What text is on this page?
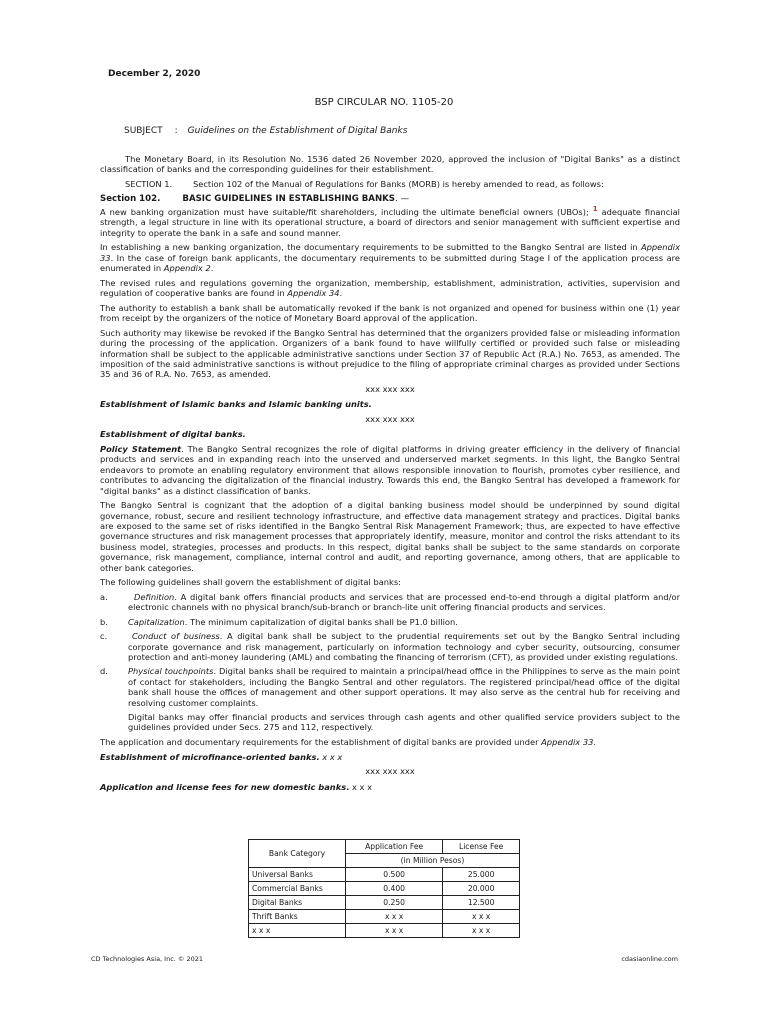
December 2, 2020
BSP CIRCULAR NO. 1105-20
SUBJECT : Guidelines on the Establishment of Digital Banks

The Monetary Board, in its Resolution No. 1536 dated 26 November 2020, approved the inclusion of "Digital Banks" as a distinct classification of banks and the corresponding guidelines for their establishment.

SECTION 1.	Section 102 of the Manual of Regulations for Banks (MORB) is hereby amended to read, as follows:

Section 102.	BASIC GUIDELINES IN ESTABLISHING BANKS. —

A new banking organization must have suitable/fit shareholders, including the ultimate beneficial owners (UBOs); $^1$ adequate financial strength, a legal structure in line with its operational structure, a board of directors and senior management with sufficient expertise and integrity to operate the bank in a safe and sound manner.

In establishing a new banking organization, the documentary requirements to be submitted to the Bangko Sentral are listed in Appendix 33. In the case of foreign bank applicants, the documentary requirements to be submitted during Stage I of the application process are enumerated in Appendix 2.

The revised rules and regulations governing the organization, membership, establishment, administration, activities, supervision and regulation of cooperative banks are found in Appendix 34.

The authority to establish a bank shall be automatically revoked if the bank is not organized and opened for business within one (1) year from receipt by the organizers of the notice of Monetary Board approval of the application.

Such authority may likewise be revoked if the Bangko Sentral has determined that the organizers provided false or misleading information during the processing of the application. Organizers of a bank found to have willfully certified or provided such false or misleading information shall be subject to the applicable administrative sanctions under Section 37 of Republic Act (R.A.) No. 7653, as amended. The imposition of the said administrative sanctions is without prejudice to the filing of appropriate criminal charges as provided under Sections 35 and 36 of R.A. No. 7653, as amended.

xxx xxx xxx

Establishment of Islamic banks and Islamic banking units.

xxx xxx xxx

Establishment of digital banks.

Policy Statement. The Bangko Sentral recognizes the role of digital platforms in driving greater efficiency in the delivery of financial products and services and in expanding reach into the unserved and underserved market segments. In this light, the Bangko Sentral endeavors to promote an enabling regulatory environment that allows responsible innovation to flourish, promotes cyber resilience, and contributes to advancing the digitalization of the financial industry. Towards this end, the Bangko Sentral has developed a framework for "digital banks" as a distinct classification of banks.

The Bangko Sentral is cognizant that the adoption of a digital banking business model should be underpinned by sound digital governance, robust, secure and resilient technology infrastructure, and effective data management strategy and practices. Digital banks are exposed to the same set of risks identified in the Bangko Sentral Risk Management Framework; thus, are expected to have effective governance structures and risk management processes that appropriately identify, measure, monitor and control the risks attendant to its business model, strategies, processes and products. In this respect, digital banks shall be subject to the same standards on corporate governance, risk management, compliance, internal control and audit, and reporting governance, among others, that are applicable to other bank categories.

The following guidelines shall govern the establishment of digital banks:

a.	Definition. A digital bank offers financial products and services that are processed end-to-end through a digital platform and/or electronic channels with no physical branch/sub-branch or branch-lite unit offering financial products and services.
b.	Capitalization. The minimum capitalization of digital banks shall be P1.0 billion.
c.	Conduct of business. A digital bank shall be subject to the prudential requirements set out by the Bangko Sentral including corporate governance and risk management, particularly on information technology and cyber security, outsourcing, consumer protection and anti-money laundering (AML) and combating the financing of terrorism (CFT), as provided under existing regulations.
d.	Physical touchpoints. Digital banks shall be required to maintain a principal/head office in the Philippines to serve as the main point of contact for stakeholders, including the Bangko Sentral and other regulators. The registered principal/head office of the digital bank shall house the offices of management and other support operations. It may also serve as the central hub for receiving and resolving customer complaints.

Digital banks may offer financial products and services through cash agents and other qualified service providers subject to the guidelines provided under Secs. 275 and 112, respectively.

The application and documentary requirements for the establishment of digital banks are provided under Appendix 33.

Establishment of microfinance-oriented banks. x x x

xxx xxx xxx

Application and license fees for new domestic banks. x x x

Bank Category	Application Fee	License Fee
	(in Million Pesos)	
Universal Banks	0.500	25.000
Commercial Banks	0.400	20.000
Digital Banks	0.250	12.500
Thrift Banks	x x x	x x x
x x x	x x x	x x x
CD Technologies Asia, Inc. © 2021	cdasiaonline.com
